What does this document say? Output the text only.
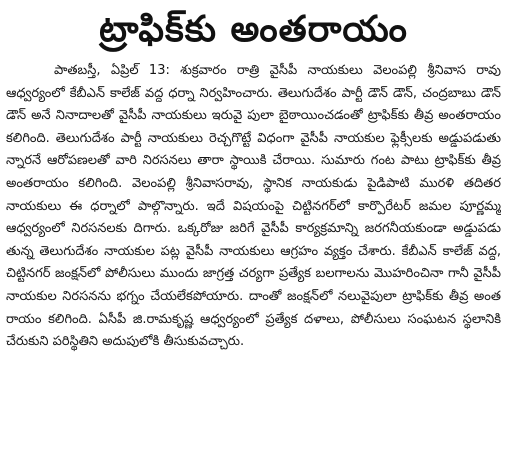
ట్రాఫిక్‌కు అంతరాయం

పాతబస్తీ, ఏప్రిల్ 13: శుక్రవారం రాత్రి వైసీపీ నాయకులు వెలంపల్లి శ్రీనివాస రావు ఆధ్వర్యంలో కేబీఎన్ కాలేజ్ వద్ద ధర్నా నిర్వహించారు. తెలుగుదేశం పార్టీ డౌన్ డౌన్, చంద్రబాబు డౌన్ డౌన్ అనే నినాదాలతో వైసీపీ నాయకులు ఇరువై పులా బైఠాయించడంతో ట్రాఫిక్‌కు తీవ్ర అంతరాయం కలిగింది. తెలుగుదేశం పార్టీ నాయకులు రెచ్చగొట్టే విధంగా వైసీపీ నాయకుల ఫ్లెక్సీలకు అడ్డుపడుతు న్నారనే ఆరోపణలతో వారి నిరసనలు తారా స్థాయికి చేరాయి. సుమారు గంట పాటు ట్రాఫిక్‌కు తీవ్ర అంతరాయం కలిగింది. వెలంపల్లి శ్రీనివాసరావు, స్థానిక నాయకుడు పైడిపాటి మురళి తదితర నాయకులు ఈ ధర్నాలో పాల్గొన్నారు. ఇదే విషయంపై చిట్టినగర్‌లో కార్పొరేటర్ జమల పూర్ణమ్మ ఆధ్వర్యంలో నిరసనలకు దిగారు. ఒక్కరోజు జరిగే వైసీపీ కార్యక్రమాన్ని జరగనీయకుండా అడ్డుపడు తున్న తెలుగుదేశం నాయకుల పట్ల వైసీపీ నాయకులు ఆగ్రహం వ్యక్తం చేశారు. కేబీఎన్ కాలేజ్ వద్ద, చిట్టినగర్ జంక్షన్‌లో పోలీసులు ముందు జాగ్రత్త చర్యగా ప్రత్యేక బలగాలను మొహరించినా గానీ వైసీపీ నాయకుల నిరసనను భగ్నం చేయలేకపోయారు. దాంతో జంక్షన్‌లో నలువైపులా ట్రాఫిక్‌కు తీవ్ర అంత రాయం కలిగింది. ఏసీపీ జి.రామకృష్ణ ఆధ్వర్యంలో ప్రత్యేక దళాలు, పోలీసులు సంఘటన స్థలానికి చేరుకుని పరిస్థితిని అదుపులోకి తీసుకువచ్చారు.
